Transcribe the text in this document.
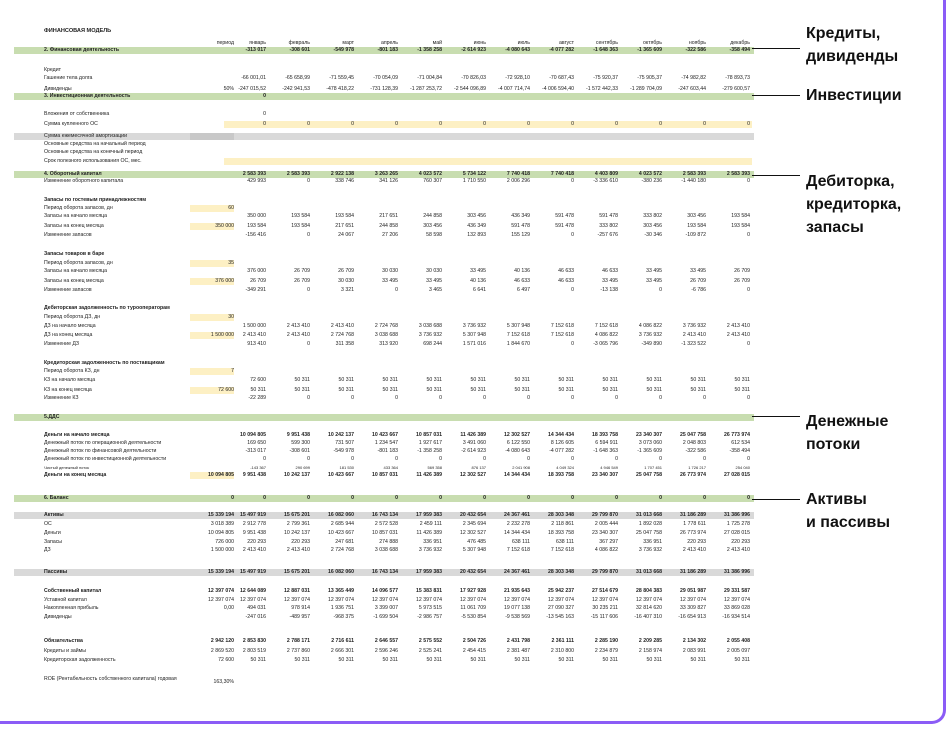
ФИНАНСОВАЯ МОДЕЛЬ
период	январь	февраль	март	апрель	май	июнь	июль	август	сентябрь	октябрь	ноябрь	декабрь
2. Финансовая деятельность	-313 017	-308 601	-549 978	-801 183	-1 358 258	-2 614 923	-4 080 643	-4 077 282	-1 648 363	-1 365 609	-322 586	-358 494
Кредит
Гашение тела долга	-66 001,01	-65 658,99	-71 559,45	-70 054,09	-71 004,84	-70 826,03	-72 928,10	-70 687,43	-75 920,37	-75 905,37	-74 982,82	-78 893,73
Дивиденды	50% -247 015,52	-242 941,53	-478 418,22	-731 128,39	-1 287 253,72	-2 544 096,89	-4 007 714,74	-4 006 594,40	-1 572 442,33	-1 289 704,09	-247 603,44	-279 600,57
3. Инвестиционная деятельность	0
Вложения от собственника	0
Сумма купленного ОС	0	0	0	0	0	0	0	0	0	0	0	0
Сумма ежемесячной амортизации
Основные средства на начальный период
Основные средства на конечный период
Срок полезного использования ОС, мес.
4. Оборотный капитал	2 583 393	2 583 393	2 922 138	3 263 265	4 023 572	5 734 122	7 740 418	7 740 418	4 403 809	4 023 572	2 583 393	2 583 393
Изменение оборотного капитала	429 993	0	338 746	341 126	760 307	1 710 550	2 006 296	0	-3 336 610	-380 236	-1 440 180	0
Запасы по гостевым принадлежностям
Период оборота запасов, дн	60
Запасы на начало месяца	350 000	193 584	193 584	217 651	244 858	303 456	436 349	591 478	591 478	333 802	303 456	193 584
Запасы на конец месяца	350 000	193 584	193 584	217 651	244 858	303 456	436 349	591 478	591 478	333 802	303 456	193 584	193 584
Изменение запасов	-156 416	0	24 067	27 206	58 598	132 893	155 129	0	-257 676	-30 346	-109 872	0
Запасы товаров в баре
Период оборота запасов, дн	35
Запасы на начало месяца	376 000	26 709	26 709	30 030	30 030	33 495	40 136	46 633	46 633	33 495	33 495	26 709
Запасы на конец месяца	376 000	26 709	26 709	30 030	33 495	33 495	40 136	46 633	46 633	33 495	33 495	26 709	26 709
Изменение запасов	-349 291	0	3 321	0	3 465	6 641	6 497	0	-13 138	0	-6 786	0
Дебиторская задолженность по турооператорам
Период оборота ДЗ, дн	30
ДЗ на начало месяца	1 500 000	2 413 410	2 413 410	2 724 768	3 038 688	3 736 932	5 307 948	7 152 618	7 152 618	4 086 822	3 736 932	2 413 410
ДЗ на конец месяца	1 500 000	2 413 410	2 413 410	2 724 768	3 038 688	3 736 932	5 307 948	7 152 618	7 152 618	4 086 822	3 736 932	2 413 410	2 413 410
Изменение ДЗ	913 410	0	311 358	313 920	698 244	1 571 016	1 844 670	0	-3 065 796	-349 890	-1 323 522	0
Кредиторская задолженность по поставщикам
Период оборота КЗ, дн	7
КЗ на начало месяца	72 600	50 311	50 311	50 311	50 311	50 311	50 311	50 311	50 311	50 311	50 311	50 311
КЗ на конец месяца	72 600	50 311	50 311	50 311	50 311	50 311	50 311	50 311	50 311	50 311	50 311	50 311	50 311
Изменение КЗ	-22 289	0	0	0	0	0	0	0	0	0	0	0
5.ДДС
Деньги на начало месяца	10 094 805	9 951 438	10 242 137	10 423 667	10 857 031	11 426 389	12 302 527	14 344 434	18 393 758	23 340 307	25 047 758	26 773 974
Денежный поток по операционной деятельности	169 650	599 300	731 507	1 234 547	1 927 617	3 491 060	6 122 550	8 126 605	6 594 911	3 073 060	2 048 803	612 534
Денежный поток по финансовой деятельности	-313 017	-308 601	-549 978	-801 183	-1 358 258	-2 614 923	-4 080 643	-4 077 282	-1 648 363	-1 365 609	-322 586	-358 494
Денежный поток по инвестиционной деятельности	0	0	0	0	0	0	0	0	0	0	0	0
Чистый денежный поток	-143 367	290 699	181 530	433 364	569 358	876 137	2 041 908	4 049 324	4 946 549	1 707 451	1 726 217	254 040
Деньги на конец месяца	10 094 805	9 951 438	10 242 137	10 423 667	10 857 031	11 426 389	12 302 527	14 344 434	18 393 758	23 340 307	25 047 758	26 773 974	27 028 015
6. Баланс	0	0	0	0	0	0	0	0	0	0	0	0	0
Активы	15 339 194	15 497 919	15 675 201	16 082 060	16 743 134	17 959 383	20 432 654	24 367 461	28 303 348	29 799 870	31 013 668	31 186 289	31 386 996
ОС	3 018 389	2 912 778	2 799 361	2 685 944	2 572 528	2 459 111	2 345 694	2 232 278	2 118 861	2 005 444	1 892 028	1 778 611	1 725 278
Деньги	10 094 805	9 951 438	10 242 137	10 423 667	10 857 031	11 426 389	12 302 527	14 344 434	18 393 758	23 340 307	25 047 758	26 773 974	27 028 015
Запасы	726 000	220 293	220 293	247 681	274 888	336 951	476 485	638 111	638 111	367 297	336 951	220 293	220 293
ДЗ	1 500 000	2 413 410	2 413 410	2 724 768	3 038 688	3 736 932	5 307 948	7 152 618	7 152 618	4 086 822	3 736 932	2 413 410	2 413 410
Пассивы	15 339 194	15 497 919	15 675 201	16 082 060	16 743 134	17 959 383	20 432 654	24 367 461	28 303 348	29 799 870	31 013 668	31 186 289	31 386 996
Собственный капитал	12 397 074	12 644 089	12 887 031	13 365 449	14 096 577	15 383 831	17 927 928	21 935 643	25 942 237	27 514 679	28 804 383	29 051 987	29 331 587
Уставной капитал	12 397 074	12 397 074	12 397 074	12 397 074	12 397 074	12 397 074	12 397 074	12 397 074	12 397 074	12 397 074	12 397 074	12 397 074	12 397 074
Накопленная прибыль	0,00	494 031	978 914	1 936 751	3 399 007	5 973 515	11 061 709	19 077 138	27 090 327	30 235 211	32 814 620	33 309 827	33 869 028
Дивиденды	-247 016	-489 957	-968 375	-1 699 504	-2 986 757	-5 530 854	-9 538 569	-13 545 163	-15 117 606	-16 407 310	-16 654 913	-16 934 514
Обязательства	2 942 120	2 853 830	2 788 171	2 716 611	2 646 557	2 575 552	2 504 726	2 431 798	2 361 111	2 285 190	2 209 285	2 134 302	2 055 408
Кредиты и займы	2 869 520	2 803 519	2 737 860	2 666 301	2 596 246	2 525 241	2 454 415	2 381 487	2 310 800	2 234 879	2 158 974	2 083 991	2 005 097
Кредиторская задолженность	72 600	50 311	50 311	50 311	50 311	50 311	50 311	50 311	50 311	50 311	50 311	50 311	50 311
ROE (Рентабельность собственного капитала) годовая	163,30%
Кредиты,
дивиденды
Инвестиции
Дебиторка,
кредиторка,
запасы
Денежные
потоки
Активы
и пассивы
